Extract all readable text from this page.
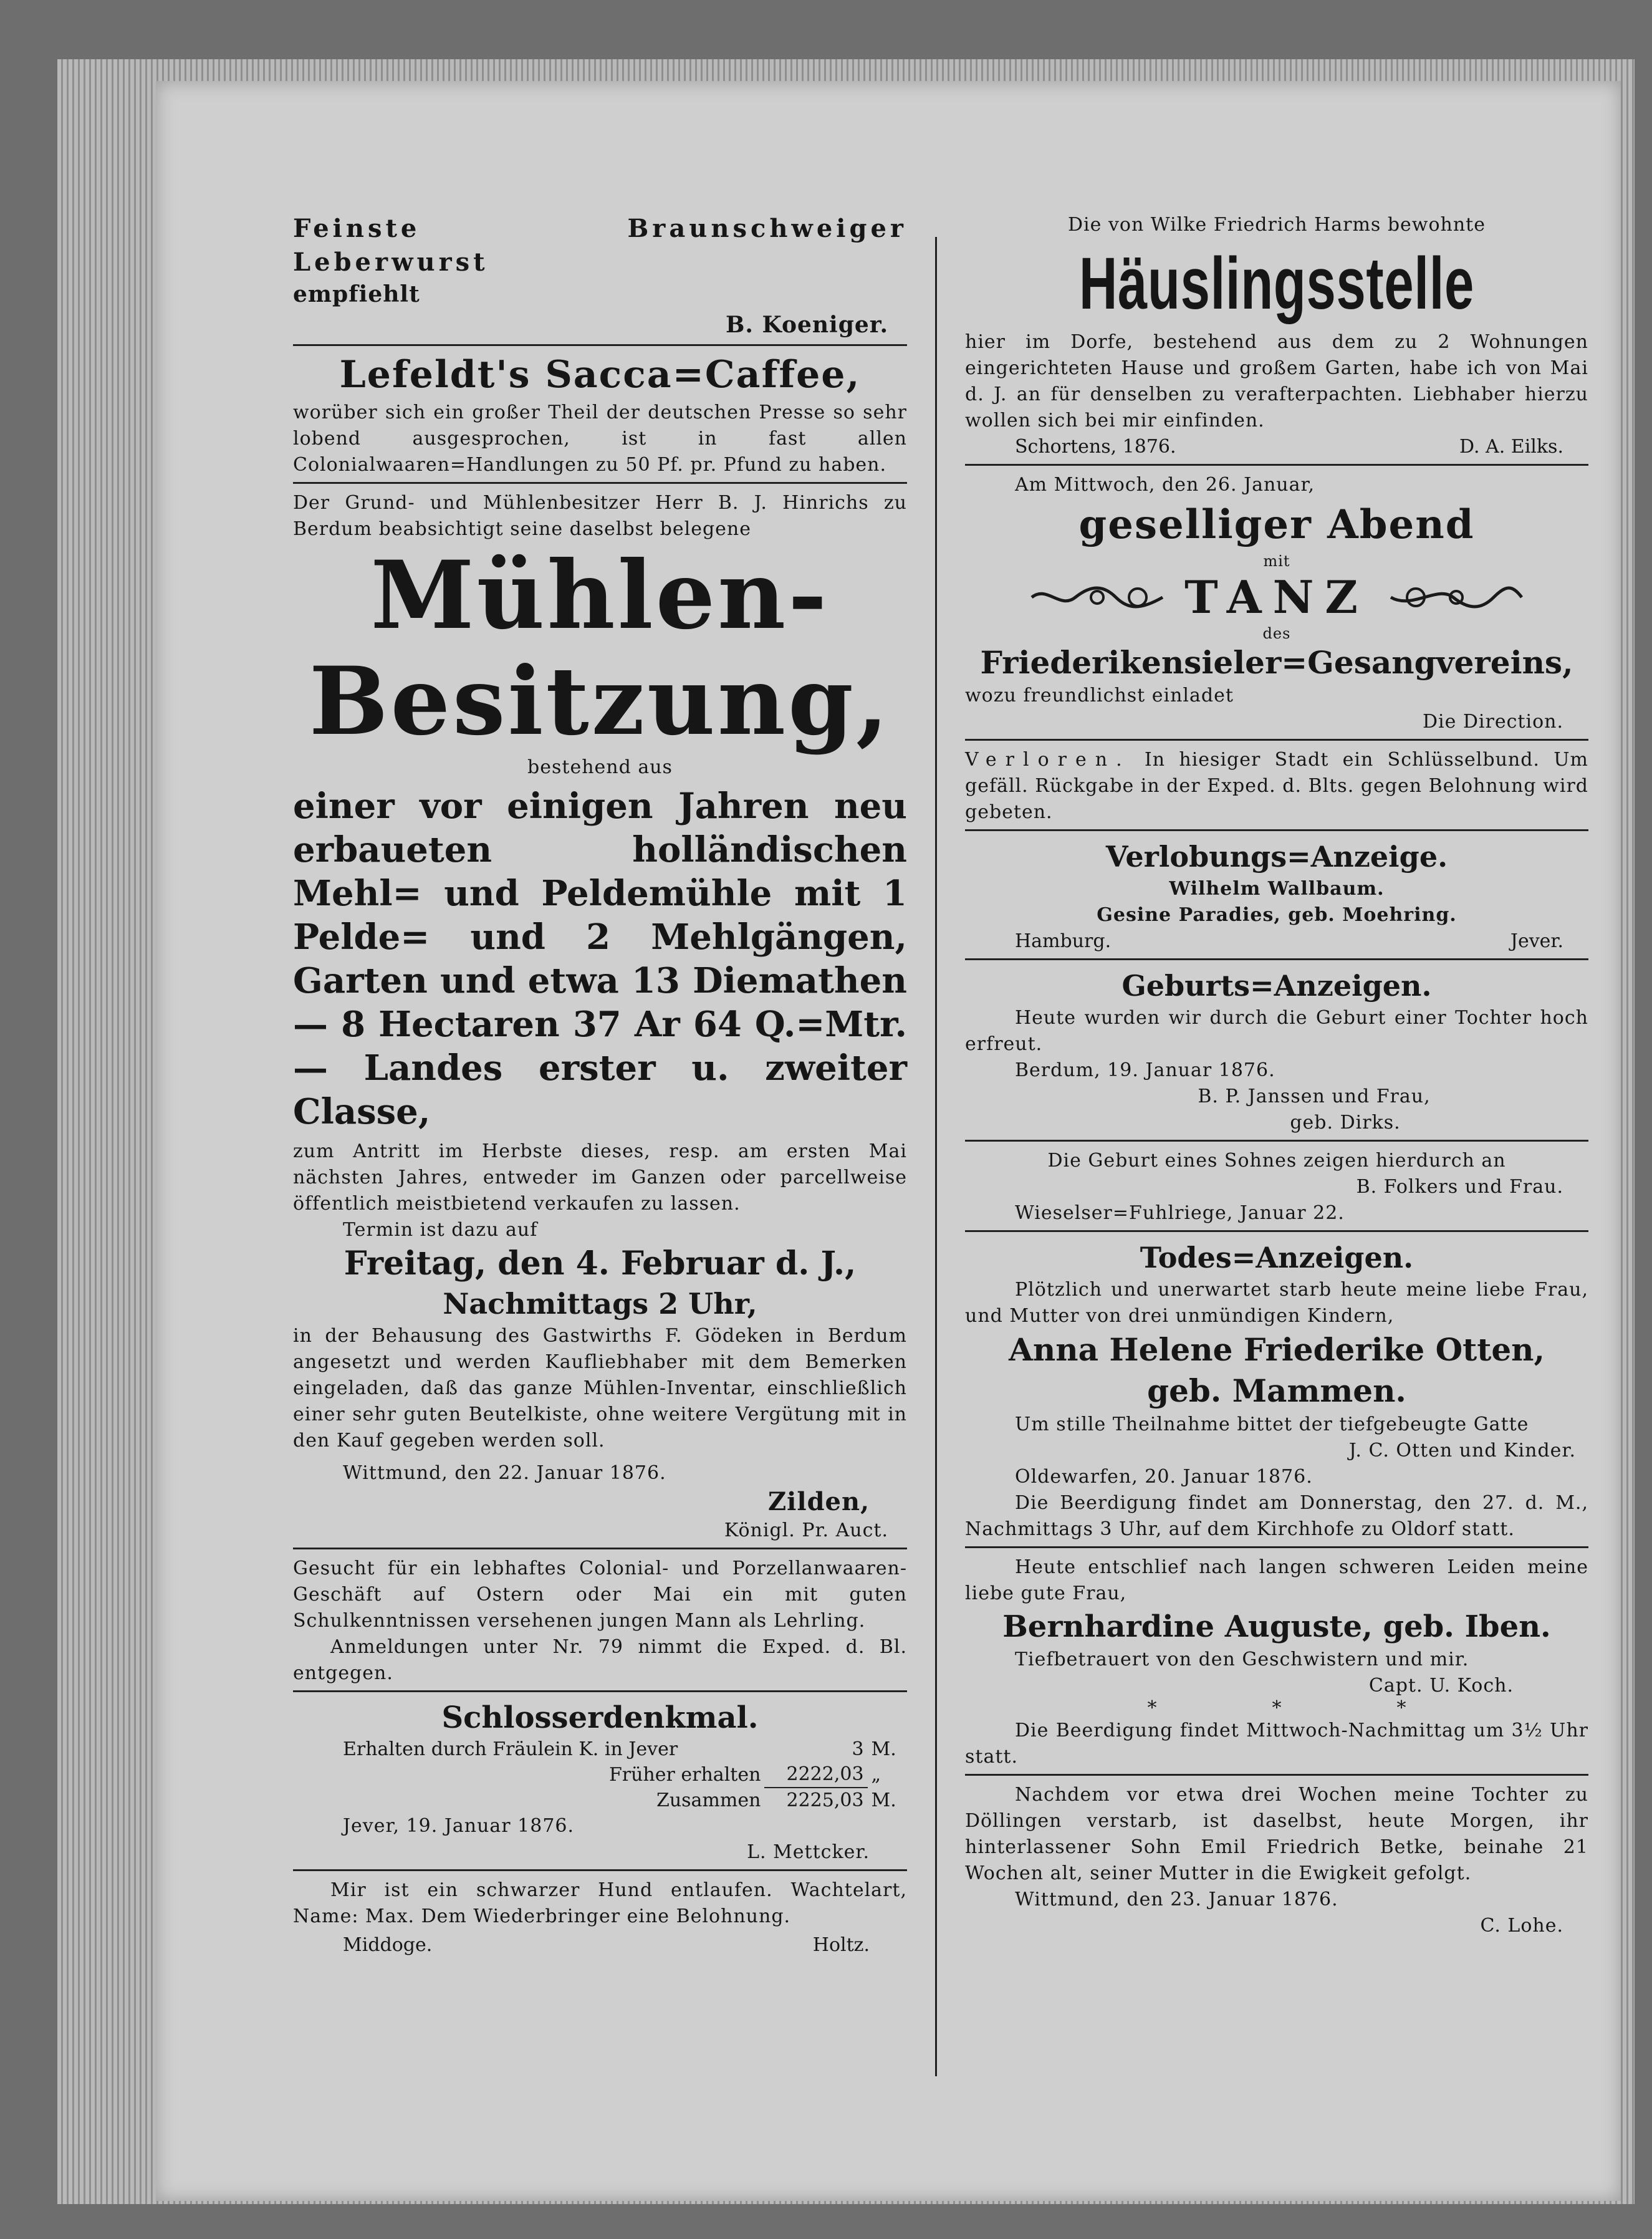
Feinste Braunschweiger Leberwurst

empfiehlt

B. Koeniger.

Lefeldt's Sacca=Caffee,

worüber sich ein großer Theil der deutschen Presse so sehr lobend ausgesprochen, ist in fast allen Colonialwaaren=Handlungen zu 50 Pf. pr. Pfund zu haben.

Der Grund- und Mühlenbesitzer Herr B. J. Hinrichs zu Berdum beabsichtigt seine daselbst belegene

Mühlen-

Besitzung,

bestehend aus

einer vor einigen Jahren neu erbaueten holländischen Mehl= und Peldemühle mit 1 Pelde= und 2 Mehlgängen, Garten und etwa 13 Diemathen — 8 Hectaren 37 Ar 64 Q.=Mtr. — Landes erster u. zweiter Classe,

zum Antritt im Herbste dieses, resp. am ersten Mai nächsten Jahres, entweder im Ganzen oder parcellweise öffentlich meistbietend verkaufen zu lassen.

Termin ist dazu auf

Freitag, den 4. Februar d. J.,

Nachmittags 2 Uhr,

in der Behausung des Gastwirths F. Gödeken in Berdum angesetzt und werden Kaufliebhaber mit dem Bemerken eingeladen, daß das ganze Mühlen-Inventar, einschließlich einer sehr guten Beutelkiste, ohne weitere Vergütung mit in den Kauf gegeben werden soll.

Wittmund, den 22. Januar 1876.

Zilden,

Königl. Pr. Auct.

Gesucht für ein lebhaftes Colonial- und Porzellanwaaren-Geschäft auf Ostern oder Mai ein mit guten Schulkenntnissen versehenen jungen Mann als Lehrling.

Anmeldungen unter Nr. 79 nimmt die Exped. d. Bl. entgegen.

Schlosserdenkmal.

Erhalten durch Fräulein K. in Jever	3	M.
Früher erhalten	2222,03	„
Zusammen	2225,03	M.

Jever, 19. Januar 1876.

L. Mettcker.

Mir ist ein schwarzer Hund entlaufen. Wachtelart, Name: Max. Dem Wiederbringer eine Belohnung.

Middoge.	Holtz.

Die von Wilke Friedrich Harms bewohnte

Häuslingsstelle

hier im Dorfe, bestehend aus dem zu 2 Wohnungen eingerichteten Hause und großem Garten, habe ich von Mai d. J. an für denselben zu verafterpachten. Liebhaber hierzu wollen sich bei mir einfinden.

Schortens, 1876.	D. A. Eilks.

Am Mittwoch, den 26. Januar,

geselliger Abend

mit

TANZ

des

Friederikensieler=Gesangvereins,

wozu freundlichst einladet

Die Direction.

Verloren. In hiesiger Stadt ein Schlüsselbund. Um gefäll. Rückgabe in der Exped. d. Blts. gegen Belohnung wird gebeten.

Verlobungs=Anzeige.

Wilhelm Wallbaum.

Gesine Paradies, geb. Moehring.

Hamburg.	Jever.

Geburts=Anzeigen.

Heute wurden wir durch die Geburt einer Tochter hoch erfreut.

Berdum, 19. Januar 1876.

B. P. Janssen und Frau,

geb. Dirks.

Die Geburt eines Sohnes zeigen hierdurch an

B. Folkers und Frau.

Wieselser=Fuhlriege, Januar 22.

Todes=Anzeigen.

Plötzlich und unerwartet starb heute meine liebe Frau, und Mutter von drei unmündigen Kindern,

Anna Helene Friederike Otten,

geb. Mammen.

Um stille Theilnahme bittet der tiefgebeugte Gatte

J. C. Otten und Kinder.

Oldewarfen, 20. Januar 1876.

Die Beerdigung findet am Donnerstag, den 27. d. M., Nachmittags 3 Uhr, auf dem Kirchhofe zu Oldorf statt.

Heute entschlief nach langen schweren Leiden meine liebe gute Frau,

Bernhardine Auguste, geb. Iben.

Tiefbetrauert von den Geschwistern und mir.

Capt. U. Koch.

*	*	*

Die Beerdigung findet Mittwoch-Nachmittag um 3½ Uhr statt.

Nachdem vor etwa drei Wochen meine Tochter zu Döllingen verstarb, ist daselbst, heute Morgen, ihr hinterlassener Sohn Emil Friedrich Betke, beinahe 21 Wochen alt, seiner Mutter in die Ewigkeit gefolgt.

Wittmund, den 23. Januar 1876.

C. Lohe.
